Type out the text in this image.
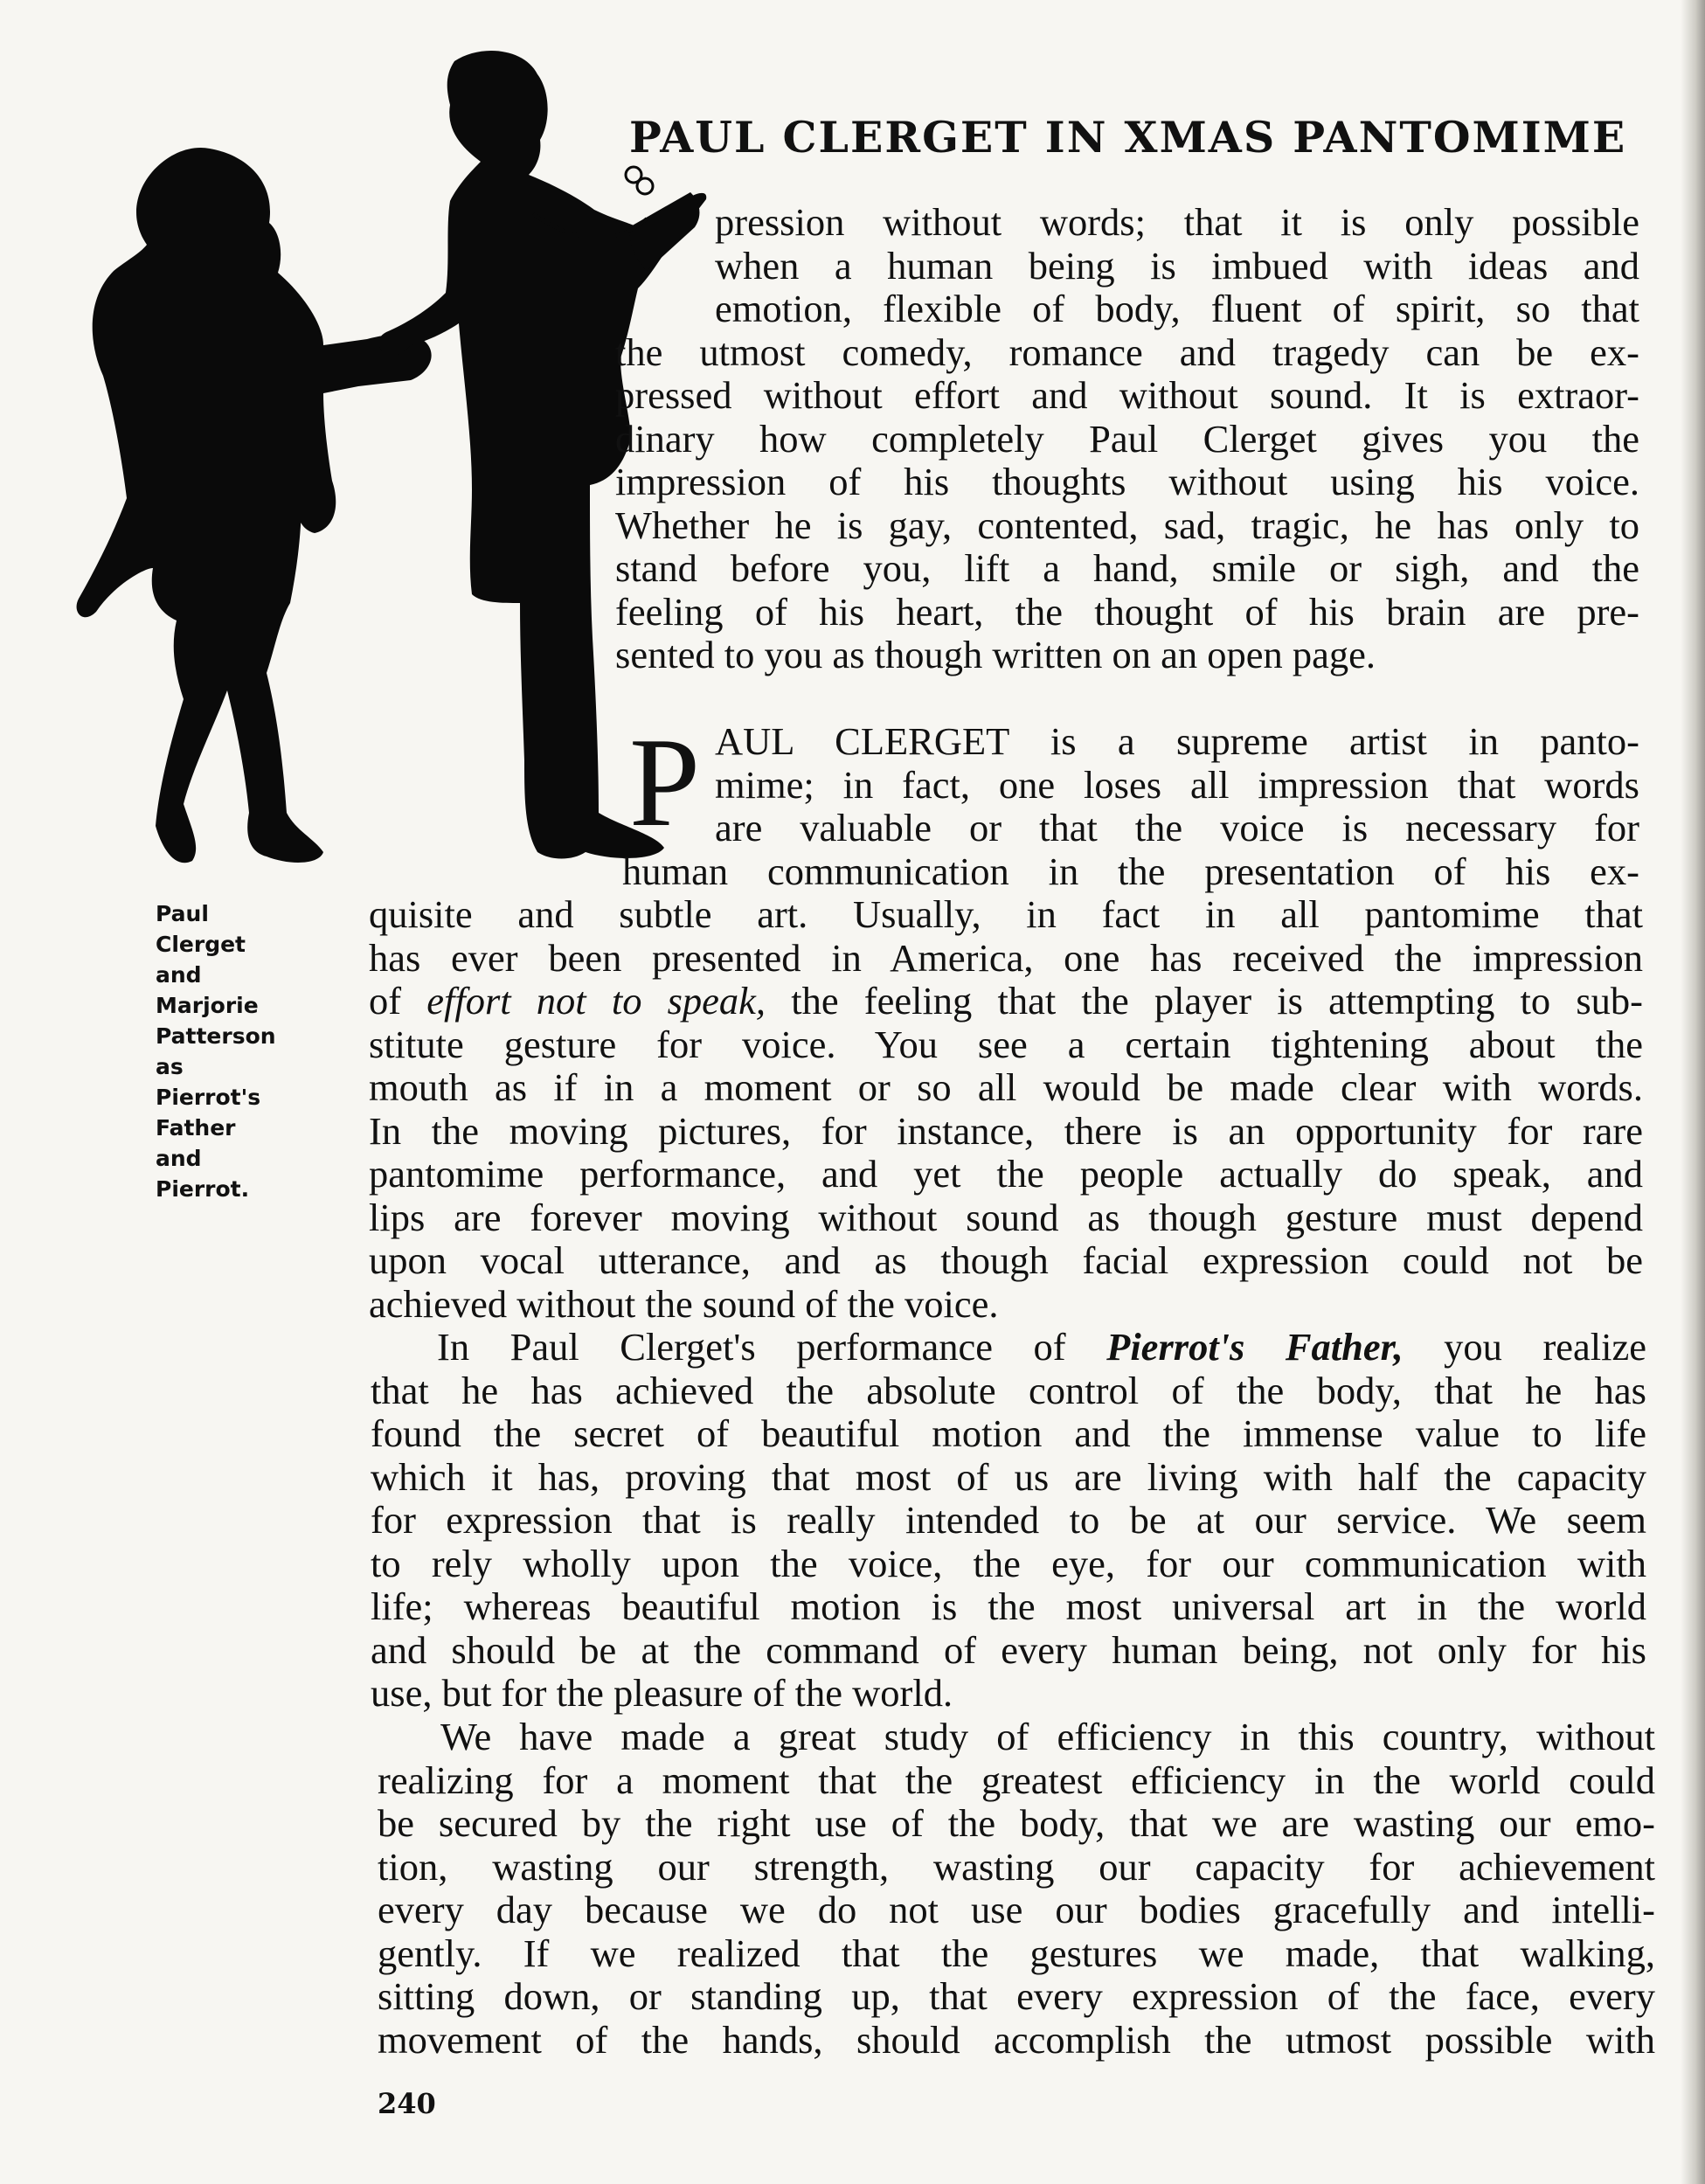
PAUL CLERGET IN XMAS PANTOMIME
Paul
Clerget
and
Marjorie
Patterson
as
Pierrot's
Father
and
Pierrot.
pression without words; that it is only possible
when a human being is imbued with ideas and
emotion, flexible of body, fluent of spirit, so that
the utmost comedy, romance and tragedy can be ex-
pressed without effort and without sound. It is extraor-
dinary how completely Paul Clerget gives you the
impression of his thoughts without using his voice.
Whether he is gay, contented, sad, tragic, he has only to
stand before you, lift a hand, smile or sigh, and the
feeling of his heart, the thought of his brain are pre-
sented to you as though written on an open page.
P AUL CLERGET is a supreme artist in panto-
mime; in fact, one loses all impression that words
are valuable or that the voice is necessary for
human communication in the presentation of his ex-
quisite and subtle art. Usually, in fact in all pantomime that
has ever been presented in America, one has received the impression
of effort not to speak, the feeling that the player is attempting to sub-
stitute gesture for voice. You see a certain tightening about the
mouth as if in a moment or so all would be made clear with words.
In the moving pictures, for instance, there is an opportunity for rare
pantomime performance, and yet the people actually do speak, and
lips are forever moving without sound as though gesture must depend
upon vocal utterance, and as though facial expression could not be
achieved without the sound of the voice.
In Paul Clerget's performance of Pierrot's Father, you realize
that he has achieved the absolute control of the body, that he has
found the secret of beautiful motion and the immense value to life
which it has, proving that most of us are living with half the capacity
for expression that is really intended to be at our service. We seem
to rely wholly upon the voice, the eye, for our communication with
life; whereas beautiful motion is the most universal art in the world
and should be at the command of every human being, not only for his
use, but for the pleasure of the world.
We have made a great study of efficiency in this country, without
realizing for a moment that the greatest efficiency in the world could
be secured by the right use of the body, that we are wasting our emo-
tion, wasting our strength, wasting our capacity for achievement
every day because we do not use our bodies gracefully and intelli-
gently. If we realized that the gestures we made, that walking,
sitting down, or standing up, that every expression of the face, every
movement of the hands, should accomplish the utmost possible with
240
